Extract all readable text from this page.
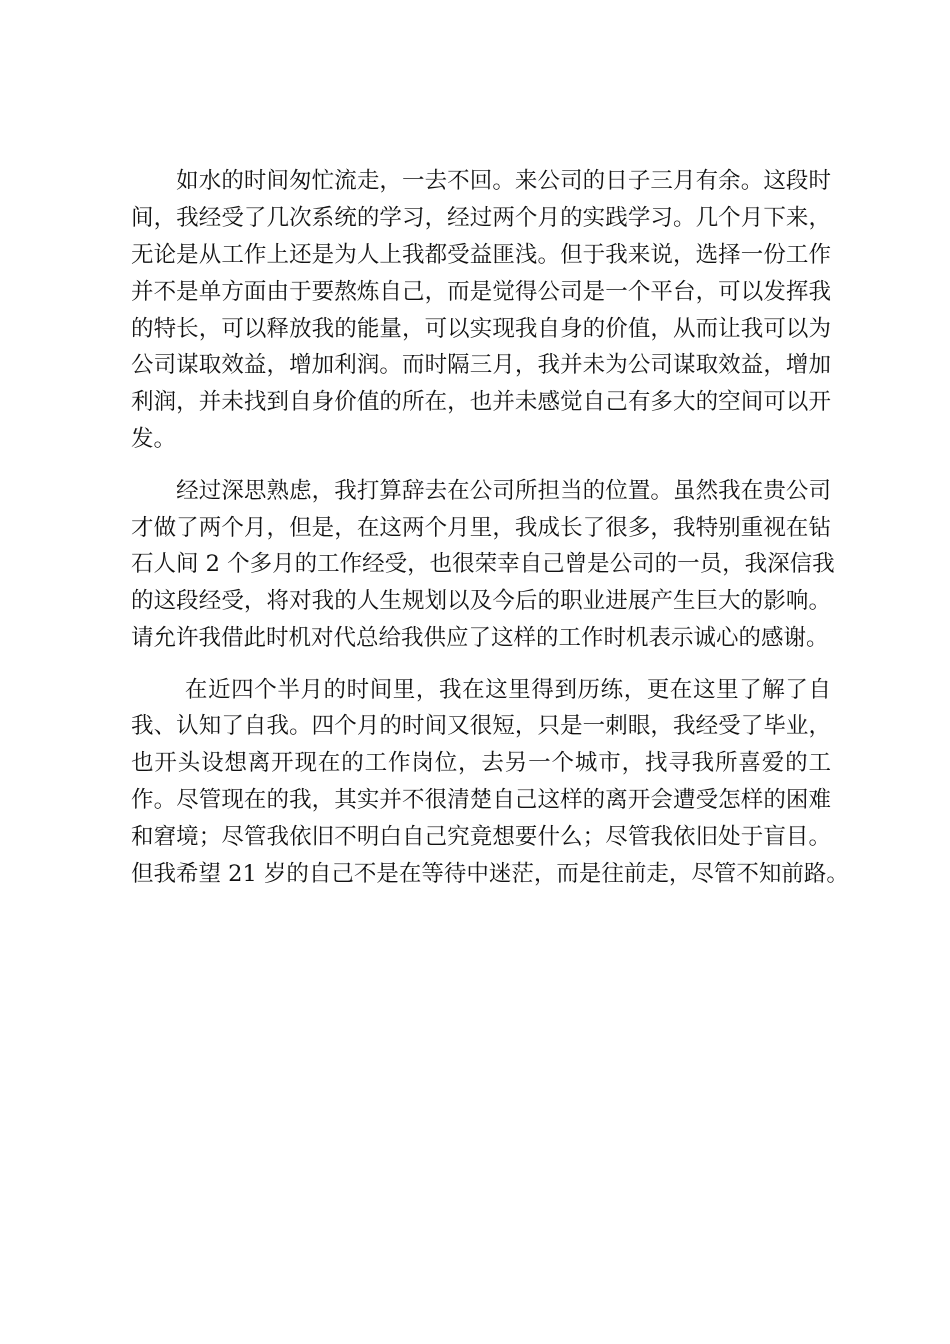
　　如水的时间匆忙流走，一去不回。来公司的日子三月有余。这段时
间，我经受了几次系统的学习，经过两个月的实践学习。几个月下来，
无论是从工作上还是为人上我都受益匪浅。但于我来说，选择一份工作
并不是单方面由于要熬炼自己，而是觉得公司是一个平台，可以发挥我
的特长，可以释放我的能量，可以实现我自身的价值，从而让我可以为
公司谋取效益，增加利润。而时隔三月，我并未为公司谋取效益，增加
利润，并未找到自身价值的所在，也并未感觉自己有多大的空间可以开
发。
　　经过深思熟虑，我打算辞去在公司所担当的位置。虽然我在贵公司
才做了两个月，但是，在这两个月里，我成长了很多，我特别重视在钻
石人间 2 个多月的工作经受，也很荣幸自己曾是公司的一员，我深信我
的这段经受，将对我的人生规划以及今后的职业进展产生巨大的影响。
请允许我借此时机对代总给我供应了这样的工作时机表示诚心的感谢。
　　 在近四个半月的时间里，我在这里得到历练，更在这里了解了自
我、认知了自我。四个月的时间又很短，只是一刺眼，我经受了毕业，
也开头设想离开现在的工作岗位，去另一个城市，找寻我所喜爱的工
作。尽管现在的我，其实并不很清楚自己这样的离开会遭受怎样的困难
和窘境；尽管我依旧不明白自己究竟想要什么；尽管我依旧处于盲目。
但我希望 21 岁的自己不是在等待中迷茫，而是往前走，尽管不知前路。
